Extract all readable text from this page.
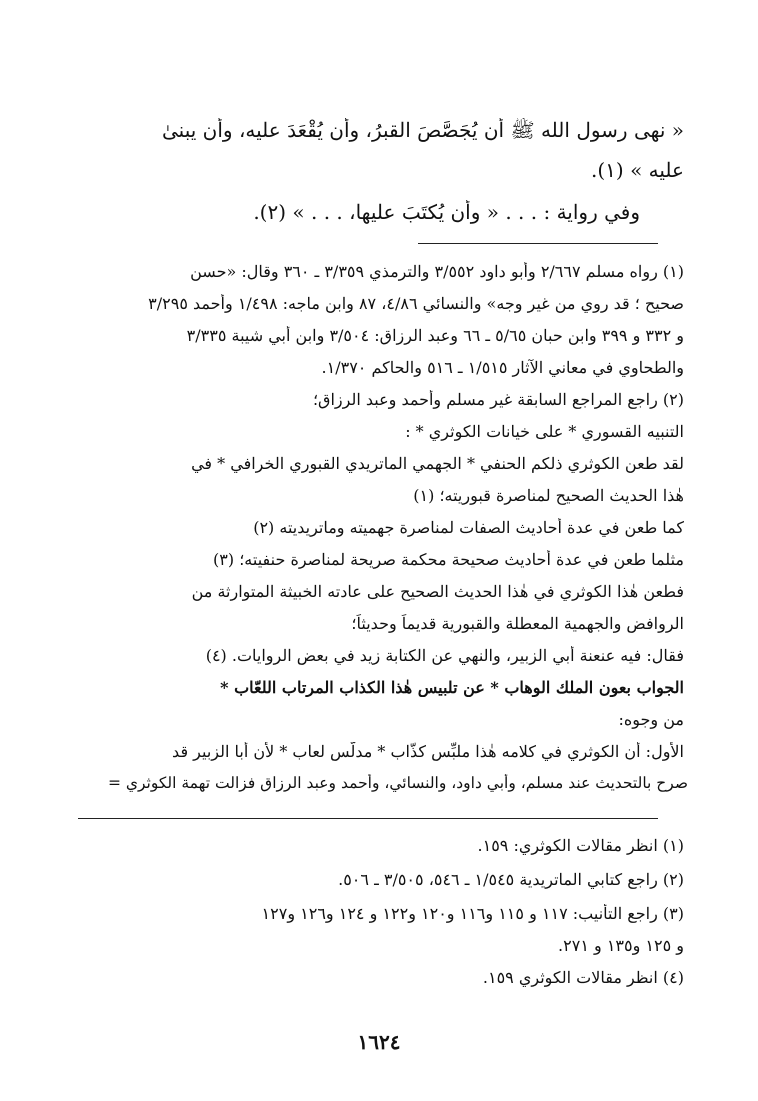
« نهى رسول الله ﷺ أن يُجَصَّصَ القبرُ، وأن يُقْعَدَ عليه، وأن يبنىٰ
عليه » (١).
وفي رواية : . . . « وأن يُكتَبَ عليها، . . . » (٢).
(١) رواه مسلم ٢/٦٦٧ وأبو داود ٣/٥٥٢ والترمذي ٣/٣٥٩ ـ ٣٦٠ وقال: «حسن
صحيح ؛ قد روي من غير وجه» والنسائي ٤/٨٦، ٨٧ وابن ماجه: ١/٤٩٨ وأحمد ٣/٢٩٥
و ٣٣٢ و ٣٩٩ وابن حبان ٥/٦٥ ـ ٦٦ وعبد الرزاق: ٣/٥٠٤ وابن أبي شيبة ٣/٣٣٥
والطحاوي في معاني الآثار ١/٥١٥ ـ ٥١٦ والحاكم ١/٣٧٠.
(٢) راجع المراجع السابقة غير مسلم وأحمد وعبد الرزاق؛
التنبيه القسوري * على خيانات الكوثري * :
لقد طعن الكوثري ذلكم الحنفي * الجهمي الماتريدي القبوري الخرافي * في
هٰذا الحديث الصحيح لمناصرة قبوريته؛ (١)
كما طعن في عدة أحاديث الصفات لمناصرة جهميته وماتريديته (٢)
مثلما طعن في عدة أحاديث صحيحة محكمة صريحة لمناصرة حنفيته؛ (٣)
فطعن هٰذا الكوثري في هٰذا الحديث الصحيح على عادته الخبيثة المتوارثة من
الروافض والجهمية المعطلة والقبورية قديماً وحديثاً؛
فقال: فيه عنعنة أبي الزبير، والنهي عن الكتابة زيد في بعض الروايات. (٤)
الجواب بعون الملك الوهاب * عن تلبيس هٰذا الكذاب المرتاب اللعّاب *
من وجوه:
الأول: أن الكوثري في كلامه هٰذا ملبِّس كذّاب * مدلّس لعاب * لأن أبا الزبير قد
صرح بالتحديث عند مسلم، وأبي داود، والنسائي، وأحمد وعبد الرزاق فزالت تهمة الكوثري =
(١) انظر مقالات الكوثري: ١٥٩.
(٢) راجع كتابي الماتريدية ١/٥٤٥ ـ ٥٤٦، ٣/٥٠٥ ـ ٥٠٦.
(٣) راجع التأنيب: ١١٧ و ١١٥ و١١٦ و١٢٠ و١٢٢ و ١٢٤ و١٢٦ و١٢٧
و ١٢٥ و١٣٥ و ٢٧١.
(٤) انظر مقالات الكوثري ١٥٩.
١٦٢٤
